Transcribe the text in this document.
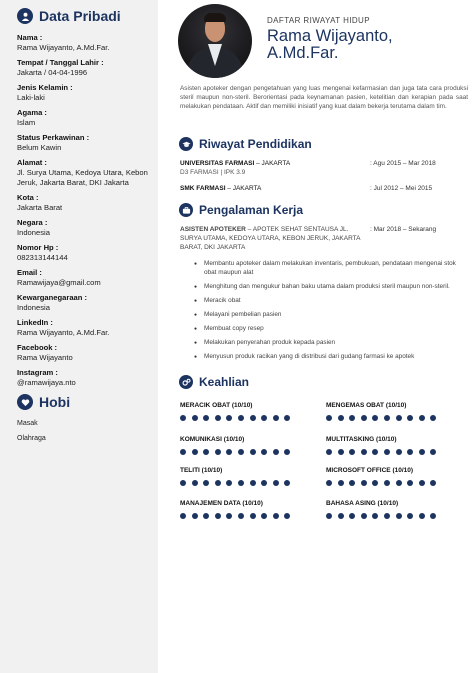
Data Pribadi
Nama :
Rama Wijayanto, A.Md.Far.
Tempat / Tanggal Lahir :
Jakarta / 04-04-1996
Jenis Kelamin :
Laki-laki
Agama :
Islam
Status Perkawinan :
Belum Kawin
Alamat :
Jl. Surya Utama, Kedoya Utara, Kebon Jeruk, Jakarta Barat, DKI Jakarta
Kota :
Jakarta Barat
Negara :
Indonesia
Nomor Hp :
082313144144
Email :
Ramawijaya@gmail.com
Kewarganegaraan :
Indonesia
LinkedIn :
Rama Wijayanto, A.Md.Far.
Facebook :
Rama Wijayanto
Instagram :
@ramawijaya.nto
Hobi
Masak
Olahraga
DAFTAR RIWAYAT HIDUP
Rama Wijayanto, A.Md.Far.
Asisten apoteker dengan pengetahuan yang luas mengenai kefarmasian dan juga tata cara produksi steril maupun non-steril. Berorientasi pada keynamanan pasien, ketelitian dan kerapian pada saat melakukan pendataan. Aktif dan memiliki inisiatif yang kuat dalam bekerja terutama dalam tim.
Riwayat Pendidikan
UNIVERSITAS FARMASI – JAKARTA
D3 FARMASI | IPK 3.9
: Agu 2015 – Mar 2018
SMK FARMASI – JAKARTA	: Jul 2012 – Mei 2015
Pengalaman Kerja
ASISTEN APOTEKER – APOTEK SEHAT SENTAUSA JL. SURYA UTAMA, KEDOYA UTARA, KEBON JERUK, JAKARTA BARAT, DKI JAKARTA
: Mar 2018 – Sekarang
● Membantu apoteker dalam melakukan inventaris, pembukuan, pendataan mengenai stok obat maupun alat
● Menghitung dan mengukur bahan baku utama dalam produksi steril maupun non-steril.
● Meracik obat
● Melayani pembelian pasien
● Membuat copy resep
● Melakukan penyerahan produk kepada pasien
● Menyusun produk racikan yang di distribusi dari gudang farmasi ke apotek
Keahlian
MERACIK OBAT (10/10)	MENGEMAS OBAT (10/10)
KOMUNIKASI (10/10)	MULTITASKING (10/10)
TELITI (10/10)	MICROSOFT OFFICE (10/10)
MANAJEMEN DATA (10/10)	BAHASA ASING (10/10)
